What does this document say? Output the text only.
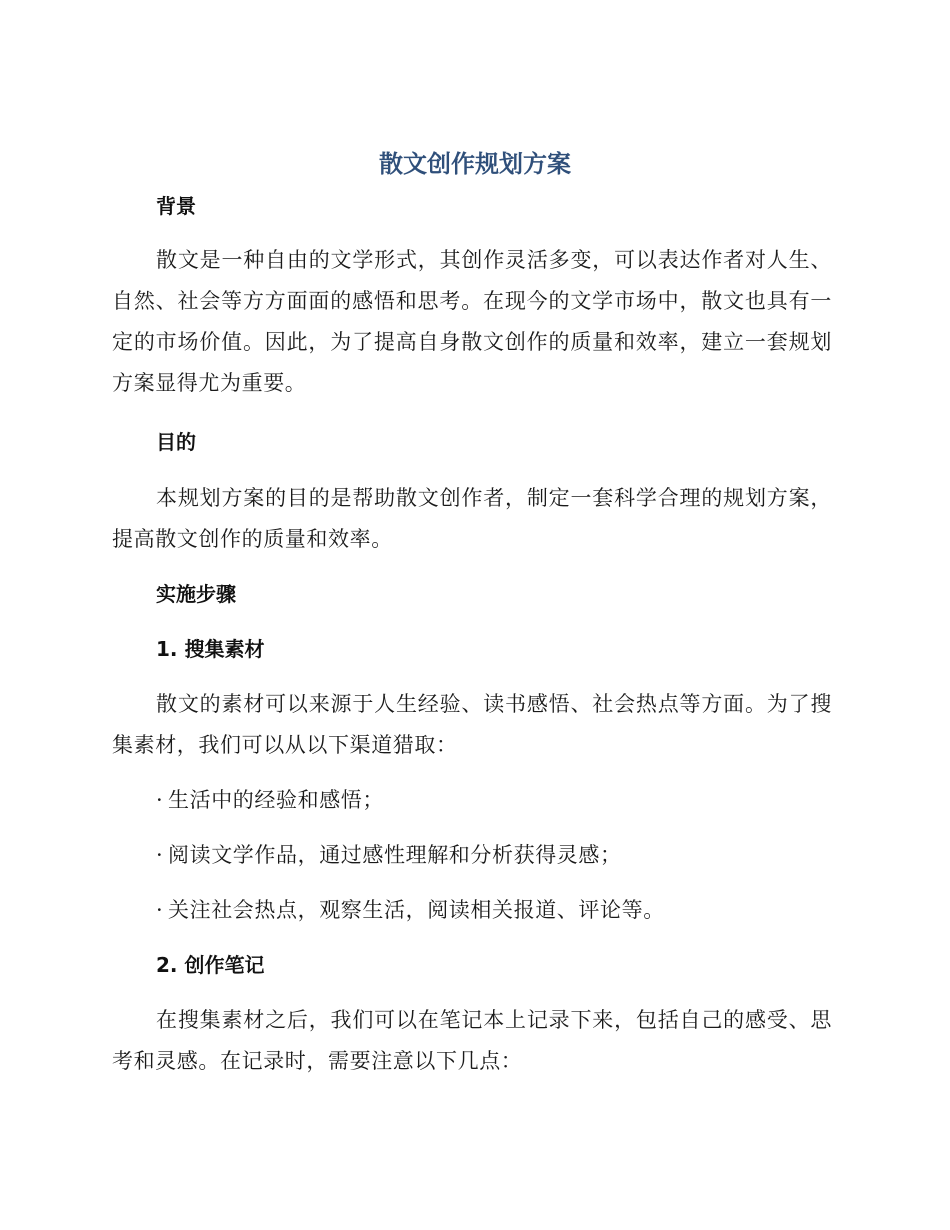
散文创作规划方案
背景

散文是一种自由的文学形式，其创作灵活多变，可以表达作者对人生、自然、社会等方方面面的感悟和思考。在现今的文学市场中，散文也具有一定的市场价值。因此，为了提高自身散文创作的质量和效率，建立一套规划方案显得尤为重要。

目的

本规划方案的目的是帮助散文创作者，制定一套科学合理的规划方案，提高散文创作的质量和效率。

实施步骤
1. 搜集素材

散文的素材可以来源于人生经验、读书感悟、社会热点等方面。为了搜集素材，我们可以从以下渠道猎取：

· 生活中的经验和感悟；

· 阅读文学作品，通过感性理解和分析获得灵感；

· 关注社会热点，观察生活，阅读相关报道、评论等。

2. 创作笔记

在搜集素材之后，我们可以在笔记本上记录下来，包括自己的感受、思考和灵感。在记录时，需要注意以下几点：
